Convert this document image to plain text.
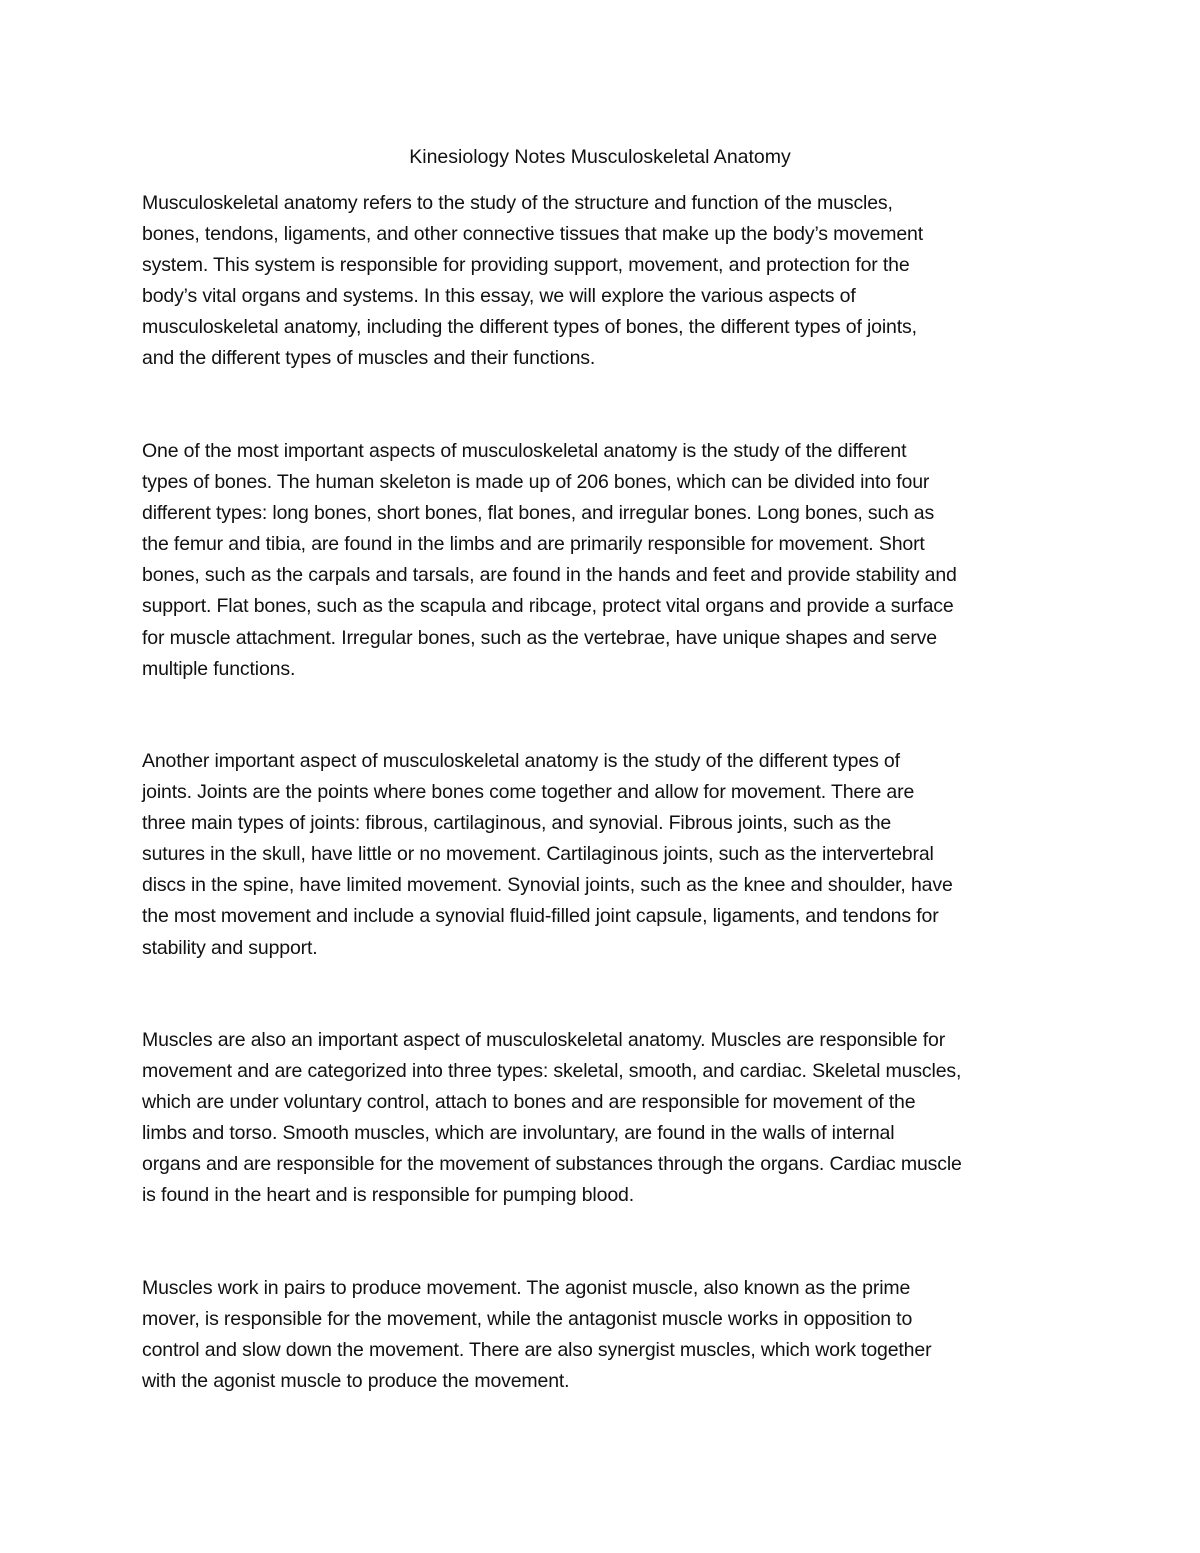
Kinesiology Notes Musculoskeletal Anatomy

Musculoskeletal anatomy refers to the study of the structure and function of the muscles,
bones, tendons, ligaments, and other connective tissues that make up the body’s movement
system. This system is responsible for providing support, movement, and protection for the
body’s vital organs and systems. In this essay, we will explore the various aspects of
musculoskeletal anatomy, including the different types of bones, the different types of joints,
and the different types of muscles and their functions.

One of the most important aspects of musculoskeletal anatomy is the study of the different
types of bones. The human skeleton is made up of 206 bones, which can be divided into four
different types: long bones, short bones, flat bones, and irregular bones. Long bones, such as
the femur and tibia, are found in the limbs and are primarily responsible for movement. Short
bones, such as the carpals and tarsals, are found in the hands and feet and provide stability and
support. Flat bones, such as the scapula and ribcage, protect vital organs and provide a surface
for muscle attachment. Irregular bones, such as the vertebrae, have unique shapes and serve
multiple functions.

Another important aspect of musculoskeletal anatomy is the study of the different types of
joints. Joints are the points where bones come together and allow for movement. There are
three main types of joints: fibrous, cartilaginous, and synovial. Fibrous joints, such as the
sutures in the skull, have little or no movement. Cartilaginous joints, such as the intervertebral
discs in the spine, have limited movement. Synovial joints, such as the knee and shoulder, have
the most movement and include a synovial fluid-filled joint capsule, ligaments, and tendons for
stability and support.

Muscles are also an important aspect of musculoskeletal anatomy. Muscles are responsible for
movement and are categorized into three types: skeletal, smooth, and cardiac. Skeletal muscles,
which are under voluntary control, attach to bones and are responsible for movement of the
limbs and torso. Smooth muscles, which are involuntary, are found in the walls of internal
organs and are responsible for the movement of substances through the organs. Cardiac muscle
is found in the heart and is responsible for pumping blood.

Muscles work in pairs to produce movement. The agonist muscle, also known as the prime
mover, is responsible for the movement, while the antagonist muscle works in opposition to
control and slow down the movement. There are also synergist muscles, which work together
with the agonist muscle to produce the movement.
